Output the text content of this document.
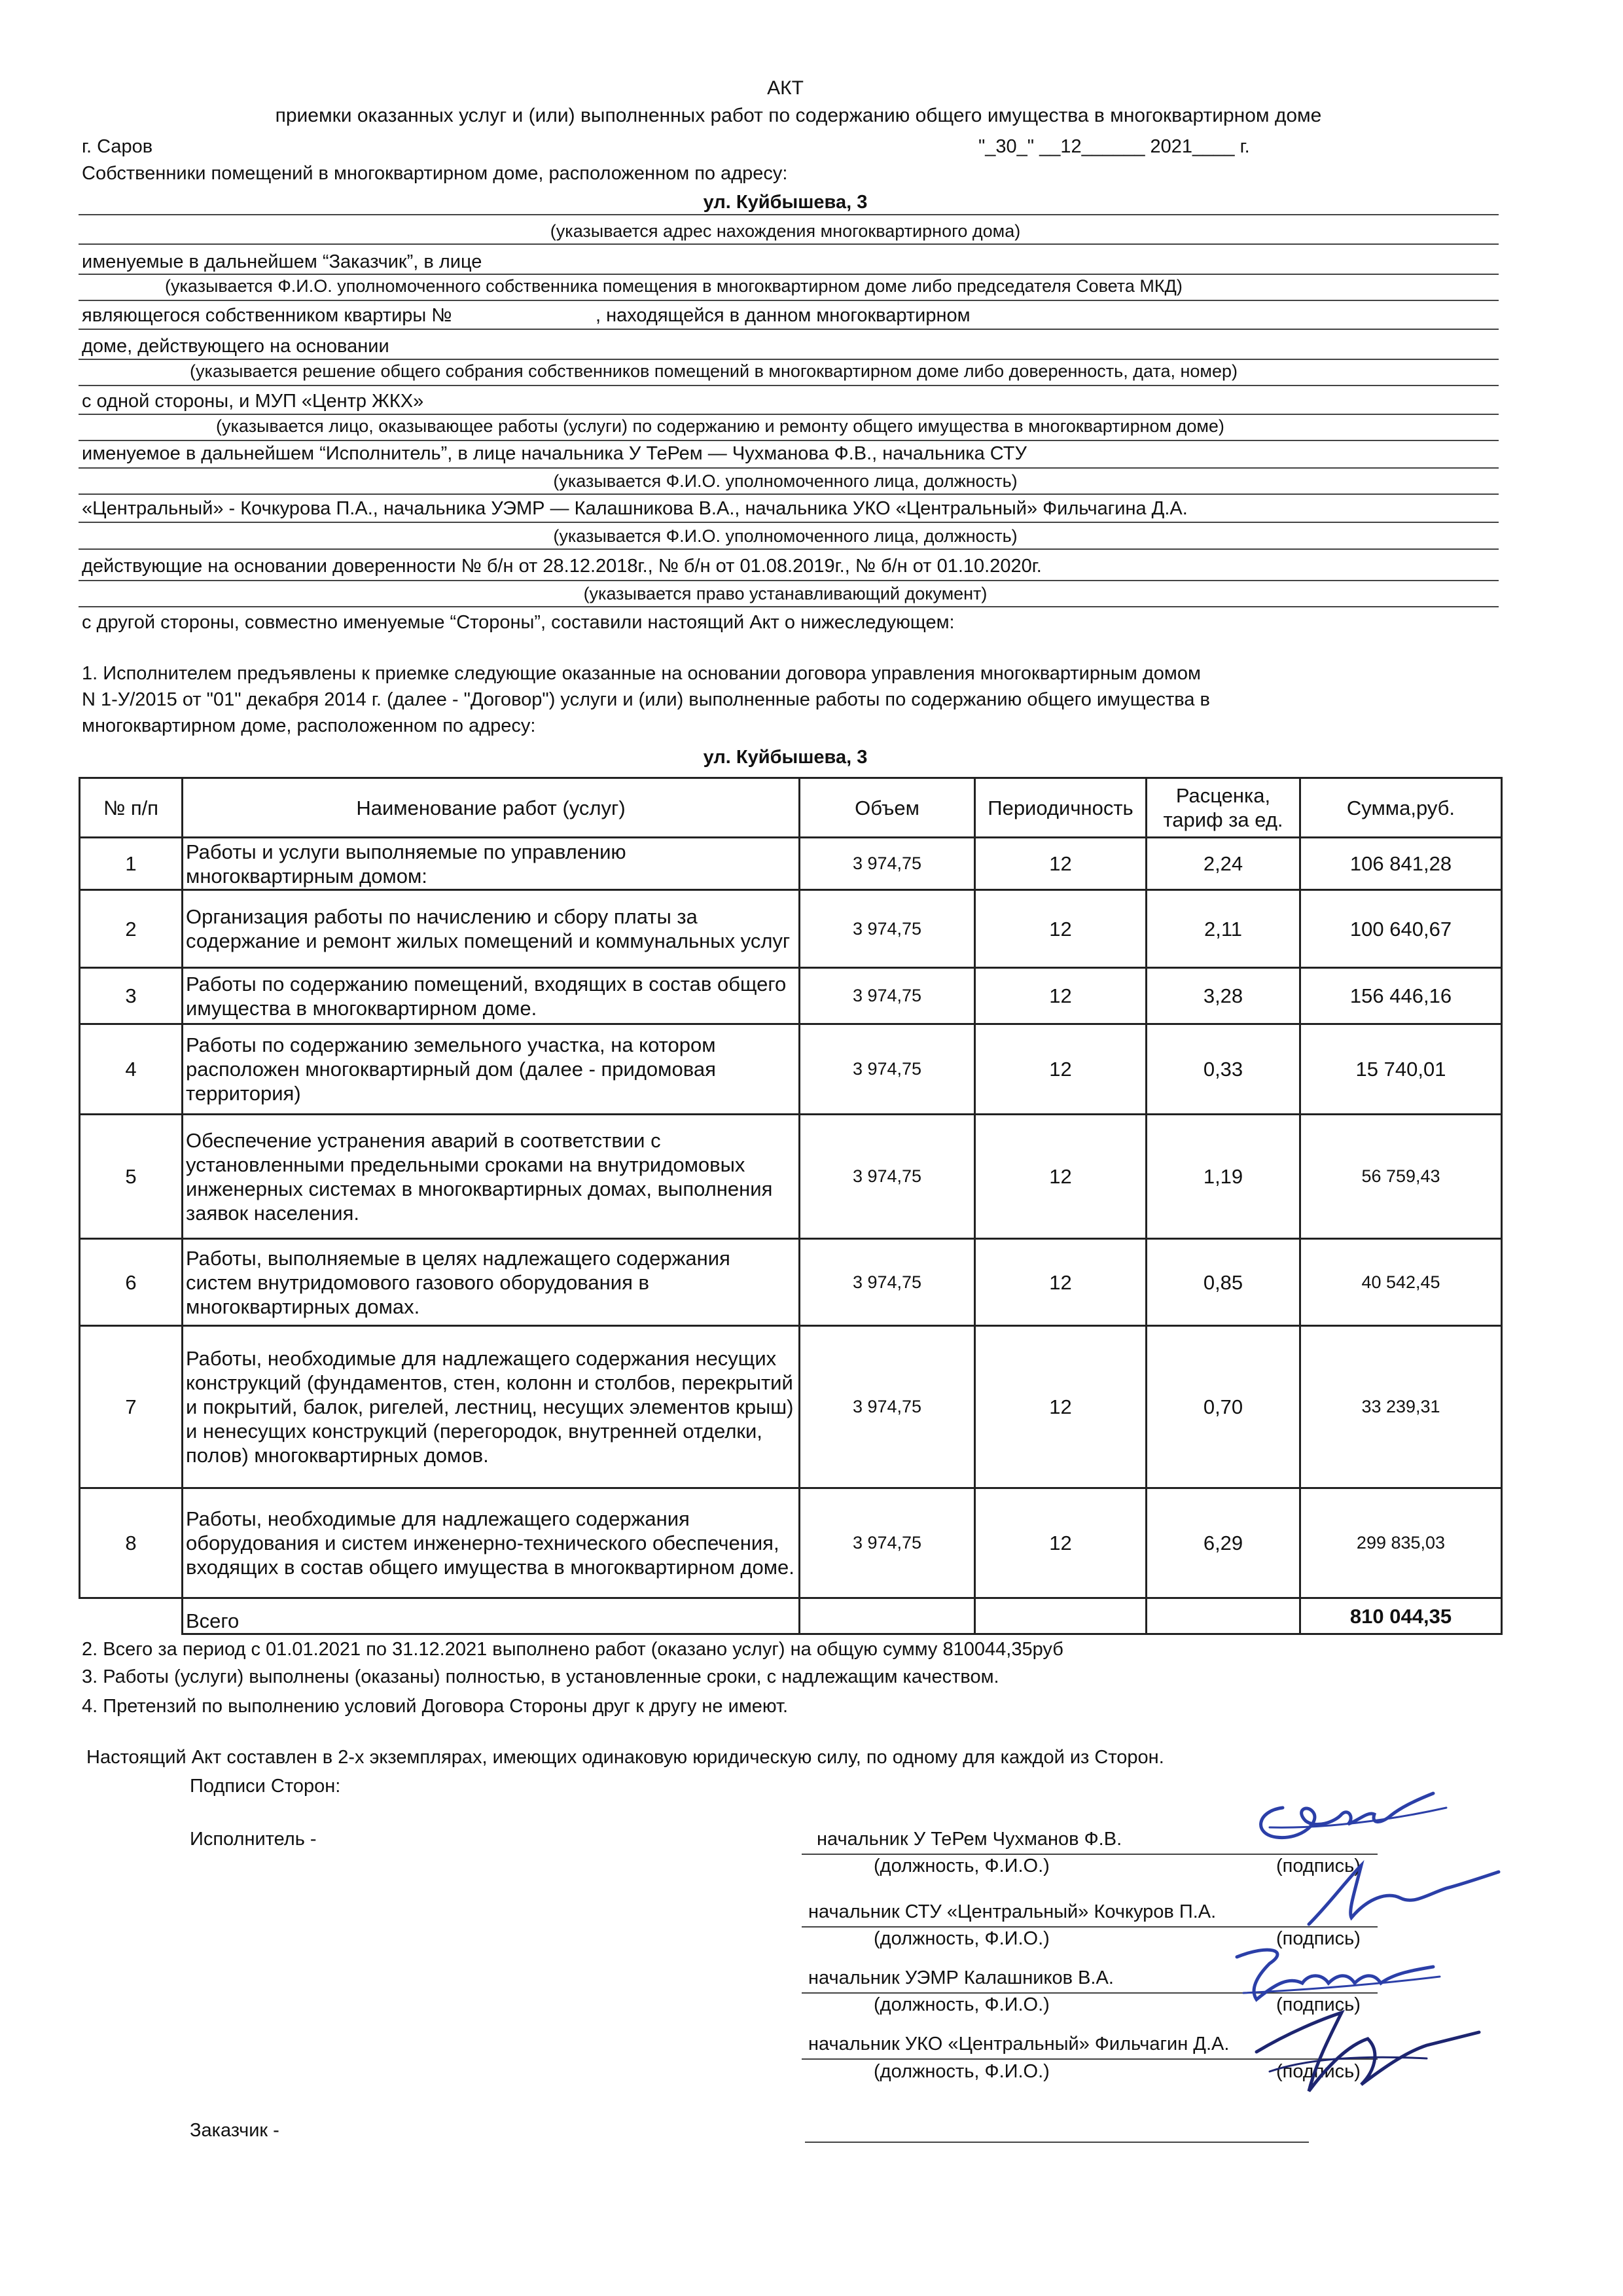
АКТ
приемки оказанных услуг и (или) выполненных работ по содержанию общего имущества в многоквартирном доме
г. Саров	"_30_" __12______ 2021____ г.
Собственники помещений в многоквартирном доме, расположенном по адресу:
ул. Куйбышева, 3
(указывается адрес нахождения многоквартирного дома)
именуемые в дальнейшем “Заказчик”, в лице
(указывается Ф.И.О. уполномоченного собственника помещения в многоквартирном доме либо председателя Совета МКД)
являющегося собственником квартиры №	, находящейся в данном многоквартирном
доме, действующего на основании
(указывается решение общего собрания собственников помещений в многоквартирном доме либо доверенность, дата, номер)
с одной стороны, и МУП «Центр ЖКХ»
(указывается лицо, оказывающее работы (услуги) по содержанию и ремонту общего имущества в многоквартирном доме)
именуемое в дальнейшем “Исполнитель”, в лице начальника У ТеРем — Чухманова Ф.В., начальника СТУ
(указывается Ф.И.О. уполномоченного лица, должность)
«Центральный» - Кочкурова П.А., начальника УЭМР — Калашникова В.А., начальника УКО «Центральный» Фильчагина Д.А.
(указывается Ф.И.О. уполномоченного лица, должность)
действующие на основании доверенности № б/н от 28.12.2018г., № б/н от 01.08.2019г., № б/н от 01.10.2020г.
(указывается право устанавливающий документ)
с другой стороны, совместно именуемые “Стороны”, составили настоящий Акт о нижеследующем:
1. Исполнителем предъявлены к приемке следующие оказанные на основании договора управления многоквартирным домом
N 1-У/2015 от "01" декабря 2014 г. (далее - "Договор") услуги и (или) выполненные работы по содержанию общего имущества в
многоквартирном доме, расположенном по адресу:
ул. Куйбышева, 3
№ п/п	Наименование работ (услуг)	Объем	Периодичность	Расценка,
тариф за ед.	Сумма,руб.
1	Работы и услуги выполняемые по управлению многоквартирным домом:	3 974,75	12	2,24	106 841,28
2	Организация работы по начислению и сбору платы за содержание и ремонт жилых помещений и коммунальных услуг	3 974,75	12	2,11	100 640,67
3	Работы по содержанию помещений, входящих в состав общего имущества в многоквартирном доме.	3 974,75	12	3,28	156 446,16
4	Работы по содержанию земельного участка, на котором расположен многоквартирный дом (далее - придомовая территория)	3 974,75	12	0,33	15 740,01
5	Обеспечение устранения аварий в соответствии с установленными предельными сроками на внутридомовых инженерных системах в многоквартирных домах, выполнения заявок населения.	3 974,75	12	1,19	56 759,43
6	Работы, выполняемые в целях надлежащего содержания систем внутридомового газового оборудования в многоквартирных домах.	3 974,75	12	0,85	40 542,45
7	Работы, необходимые для надлежащего содержания несущих конструкций (фундаментов, стен, колонн и столбов, перекрытий и покрытий, балок, ригелей, лестниц, несущих элементов крыш) и ненесущих конструкций (перегородок, внутренней отделки, полов) многоквартирных домов.	3 974,75	12	0,70	33 239,31
8	Работы, необходимые для надлежащего содержания оборудования и систем инженерно-технического обеспечения, входящих в состав общего имущества в многоквартирном доме.	3 974,75	12	6,29	299 835,03
	Всего				810 044,35
2. Всего за период с 01.01.2021 по 31.12.2021 выполнено работ (оказано услуг) на общую сумму 810044,35руб
3. Работы (услуги) выполнены (оказаны) полностью, в установленные сроки, с надлежащим качеством.
4. Претензий по выполнению условий Договора Стороны друг к другу не имеют.
Настоящий Акт составлен в 2-х экземплярах, имеющих одинаковую юридическую силу, по одному для каждой из Сторон.
Подписи Сторон:
Исполнитель -	начальник У ТеРем Чухманов Ф.В.
(должность, Ф.И.О.)	(подпись)
начальник СТУ «Центральный» Кочкуров П.А.
(должность, Ф.И.О.)	(подпись)
начальник УЭМР Калашников В.А.
(должность, Ф.И.О.)	(подпись)
начальник УКО «Центральный» Фильчагин Д.А.
(должность, Ф.И.О.)	(подпись)
Заказчик -
